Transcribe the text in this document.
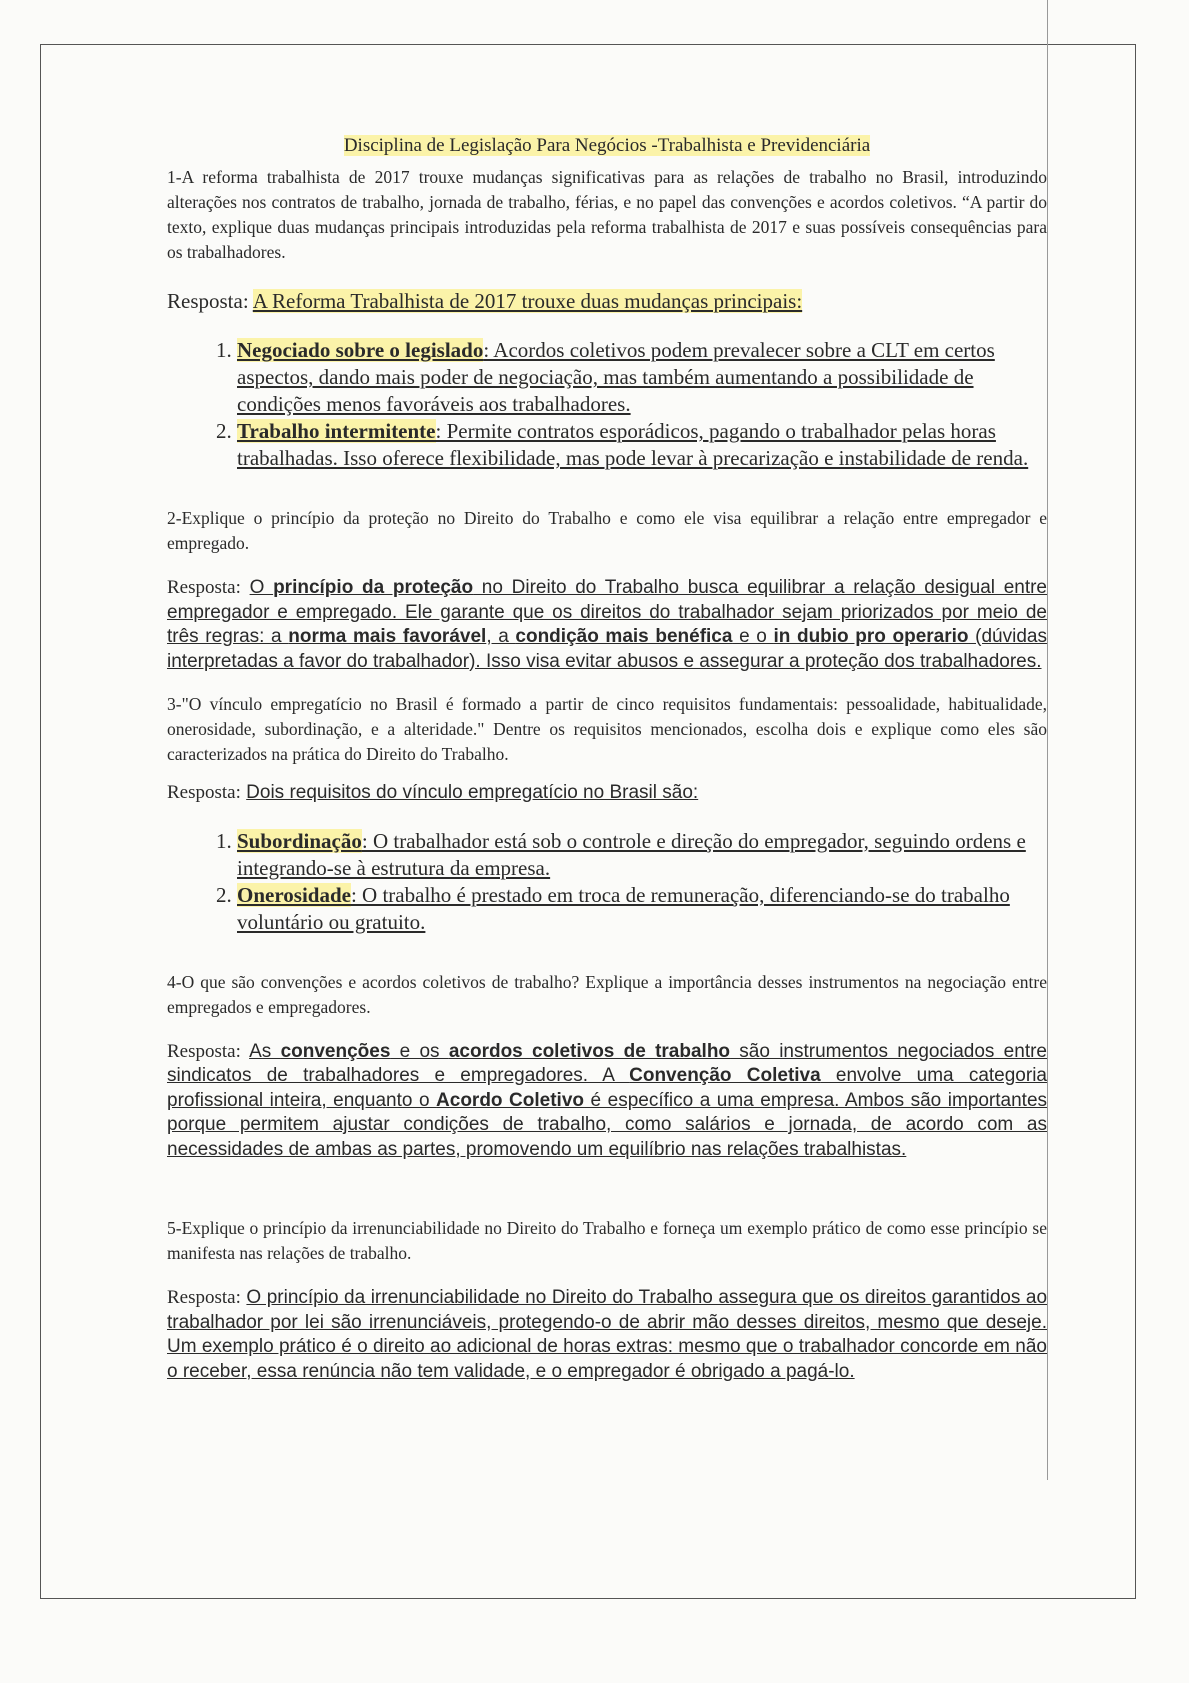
Disciplina de Legislação Para Negócios -Trabalhista e Previdenciária

1-A reforma trabalhista de 2017 trouxe mudanças significativas para as relações de trabalho no Brasil, introduzindo alterações nos contratos de trabalho, jornada de trabalho, férias, e no papel das convenções e acordos coletivos. “A partir do texto, explique duas mudanças principais introduzidas pela reforma trabalhista de 2017 e suas possíveis consequências para os trabalhadores.

Resposta: A Reforma Trabalhista de 2017 trouxe duas mudanças principais:

1. Negociado sobre o legislado: Acordos coletivos podem prevalecer sobre a CLT em certos aspectos, dando mais poder de negociação, mas também aumentando a possibilidade de condições menos favoráveis aos trabalhadores.
2. Trabalho intermitente: Permite contratos esporádicos, pagando o trabalhador pelas horas trabalhadas. Isso oferece flexibilidade, mas pode levar à precarização e instabilidade de renda.

2-Explique o princípio da proteção no Direito do Trabalho e como ele visa equilibrar a relação entre empregador e empregado.

Resposta: O princípio da proteção no Direito do Trabalho busca equilibrar a relação desigual entre empregador e empregado. Ele garante que os direitos do trabalhador sejam priorizados por meio de três regras: a norma mais favorável, a condição mais benéfica e o in dubio pro operario (dúvidas interpretadas a favor do trabalhador). Isso visa evitar abusos e assegurar a proteção dos trabalhadores.

3-"O vínculo empregatício no Brasil é formado a partir de cinco requisitos fundamentais: pessoalidade, habitualidade, onerosidade, subordinação, e a alteridade." Dentre os requisitos mencionados, escolha dois e explique como eles são caracterizados na prática do Direito do Trabalho.

Resposta: Dois requisitos do vínculo empregatício no Brasil são:

1. Subordinação: O trabalhador está sob o controle e direção do empregador, seguindo ordens e integrando-se à estrutura da empresa.
2. Onerosidade: O trabalho é prestado em troca de remuneração, diferenciando-se do trabalho voluntário ou gratuito.

4-O que são convenções e acordos coletivos de trabalho? Explique a importância desses instrumentos na negociação entre empregados e empregadores.

Resposta: As convenções e os acordos coletivos de trabalho são instrumentos negociados entre sindicatos de trabalhadores e empregadores. A Convenção Coletiva envolve uma categoria profissional inteira, enquanto o Acordo Coletivo é específico a uma empresa. Ambos são importantes porque permitem ajustar condições de trabalho, como salários e jornada, de acordo com as necessidades de ambas as partes, promovendo um equilíbrio nas relações trabalhistas.

5-Explique o princípio da irrenunciabilidade no Direito do Trabalho e forneça um exemplo prático de como esse princípio se manifesta nas relações de trabalho.

Resposta: O princípio da irrenunciabilidade no Direito do Trabalho assegura que os direitos garantidos ao trabalhador por lei são irrenunciáveis, protegendo-o de abrir mão desses direitos, mesmo que deseje. Um exemplo prático é o direito ao adicional de horas extras: mesmo que o trabalhador concorde em não o receber, essa renúncia não tem validade, e o empregador é obrigado a pagá-lo.
